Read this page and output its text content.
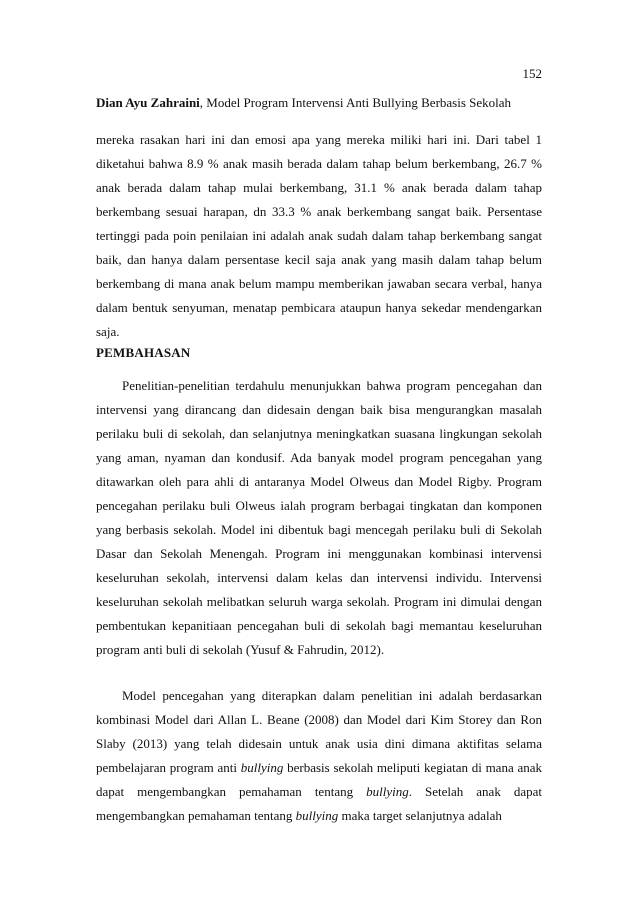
152
Dian Ayu Zahraini, Model Program Intervensi Anti Bullying Berbasis Sekolah

mereka rasakan hari ini dan emosi apa yang mereka miliki hari ini. Dari tabel 1 diketahui bahwa 8.9 % anak masih berada dalam tahap belum berkembang, 26.7 % anak berada dalam tahap mulai berkembang, 31.1 % anak berada dalam tahap berkembang sesuai harapan, dn 33.3 % anak berkembang sangat baik. Persentase tertinggi pada poin penilaian ini adalah anak sudah dalam tahap berkembang sangat baik, dan hanya dalam persentase kecil saja anak yang masih dalam tahap belum berkembang di mana anak belum mampu memberikan jawaban secara verbal, hanya dalam bentuk senyuman, menatap pembicara ataupun hanya sekedar mendengarkan saja.

PEMBAHASAN

Penelitian-penelitian terdahulu menunjukkan bahwa program pencegahan dan intervensi yang dirancang dan didesain dengan baik bisa mengurangkan masalah perilaku buli di sekolah, dan selanjutnya meningkatkan suasana lingkungan sekolah yang aman, nyaman dan kondusif. Ada banyak model program pencegahan yang ditawarkan oleh para ahli di antaranya Model Olweus dan Model Rigby. Program pencegahan perilaku buli Olweus ialah program berbagai tingkatan dan komponen yang berbasis sekolah. Model ini dibentuk bagi mencegah perilaku buli di Sekolah Dasar dan Sekolah Menengah. Program ini menggunakan kombinasi intervensi keseluruhan sekolah, intervensi dalam kelas dan intervensi individu. Intervensi keseluruhan sekolah melibatkan seluruh warga sekolah. Program ini dimulai dengan pembentukan kepanitiaan pencegahan buli di sekolah bagi memantau keseluruhan program anti buli di sekolah (Yusuf & Fahrudin, 2012).

Model pencegahan yang diterapkan dalam penelitian ini adalah berdasarkan kombinasi Model dari Allan L. Beane (2008) dan Model dari Kim Storey dan Ron Slaby (2013) yang telah didesain untuk anak usia dini dimana aktifitas selama pembelajaran program anti bullying berbasis sekolah meliputi kegiatan di mana anak dapat mengembangkan pemahaman tentang bullying. Setelah anak dapat mengembangkan pemahaman tentang bullying maka target selanjutnya adalah
